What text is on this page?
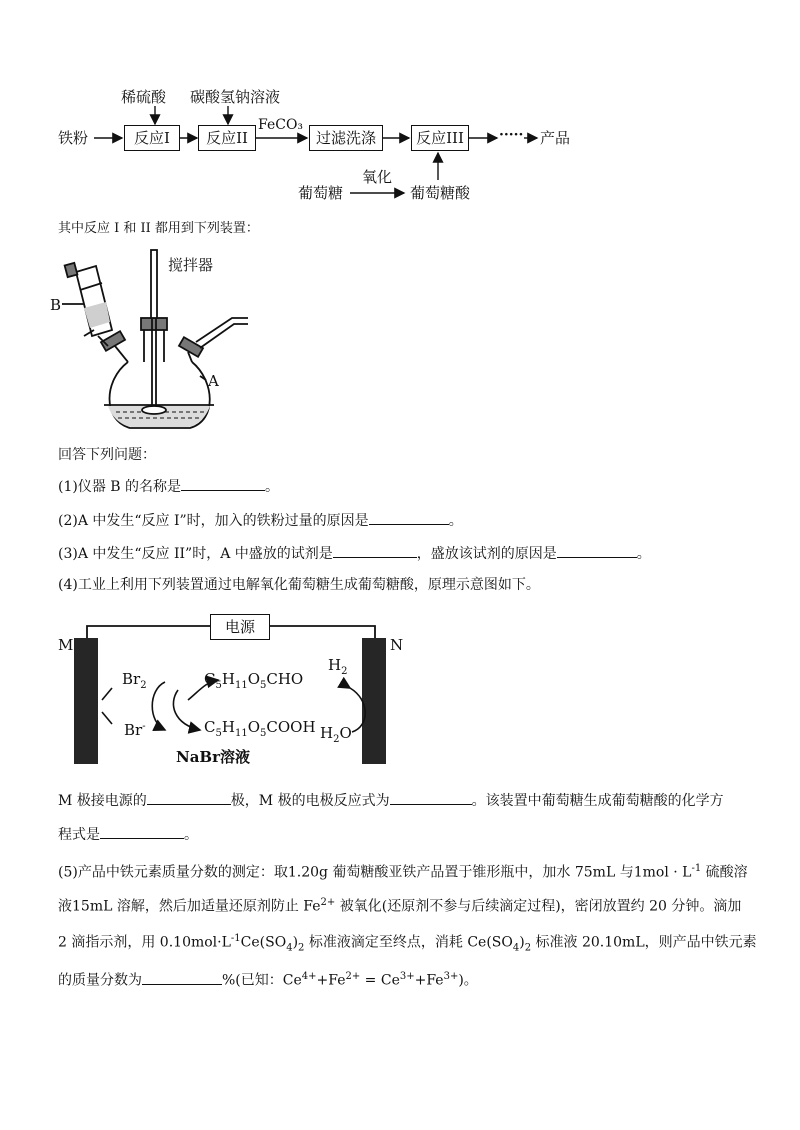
稀硫酸 碳酸氢钠溶液
铁粉	反应I	反应II
FeCO₃
过滤洗涤	反应III	····· 产品
葡萄糖
氧化
葡萄糖酸
其中反应 I 和 II 都用到下列装置：
搅拌器
B
A
回答下列问题：
(1)仪器 B 的名称是	。
(2)A 中发生“反应 I”时，加入的铁粉过量的原因是	。
(3)A 中发生“反应 II”时，A 中盛放的试剂是	，盛放该试剂的原因是	。
(4)工业上利用下列装置通过电解氧化葡萄糖生成葡萄糖酸，原理示意图如下。
电源
M	N
$Br_2$
Br-
$C_5H_{11}O_5CHO$
$C_5H_{11}O_5COOH$
$H_2$
$H_2O$
NaBr溶液
M 极接电源的	极，M 极的电极反应式为	。该装置中葡萄糖生成葡萄糖酸的化学方
程式是	。
(5)产品中铁元素质量分数的测定：取1.20g 葡萄糖酸亚铁产品置于锥形瓶中，加水 75mL 与$1mol \cdot L^{-1}$ 硫酸溶
液15mL 溶解，然后加适量还原剂防止 $Fe^{2+}$ 被氧化(还原剂不参与后续滴定过程)，密闭放置约 20 分钟。滴加
2 滴指示剂，用 $0.10mol\cdot L^{-1}Ce(SO_4)_2$ 标准液滴定至终点，消耗 $Ce(SO_4)_2$ 标准液 20.10mL，则产品中铁元素
的质量分数为	%(已知：$Ce^{4+}+Fe^{2+} = Ce^{3+}+Fe^{3+}$)。
